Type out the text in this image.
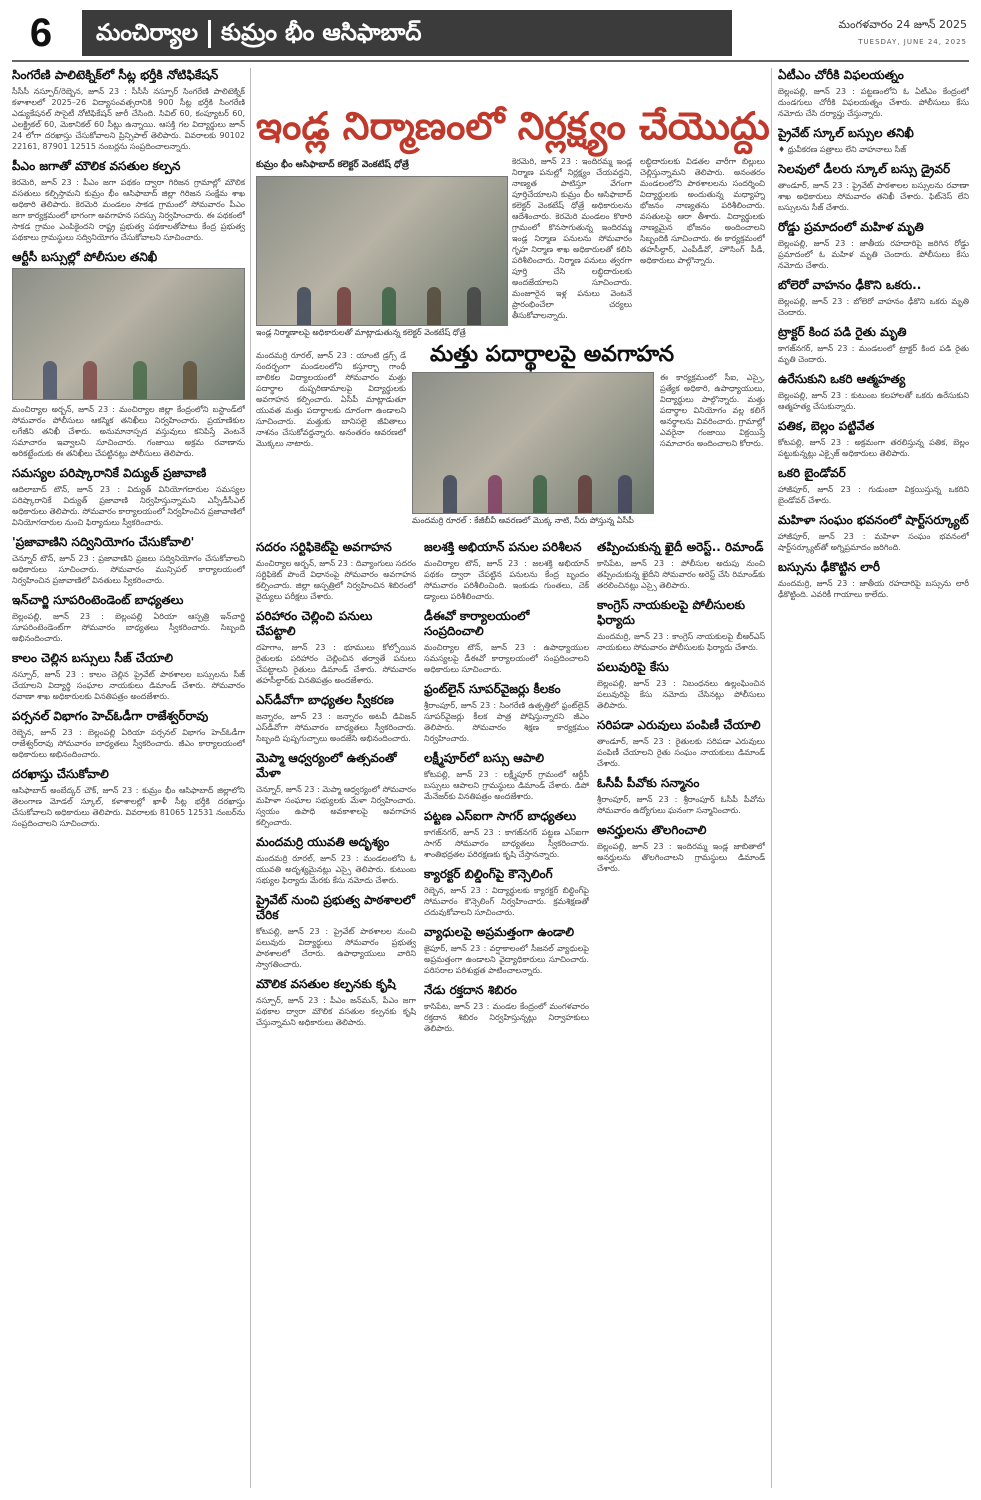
6	మంచిర్యాల కుమ్రం భీం ఆసిఫాబాద్	మంగళవారం 24 జూన్ 2025
TUESDAY, JUNE 24, 2025
సింగరేణి పాలిటెక్నిక్‌లో సీట్ల భర్తీకి నోటిఫికేషన్

సీసీసీ నస్పూర్/రెబ్బెన, జూన్ 23 : సీసీసీ నస్పూర్ సింగరేణి పాలిటెక్నిక్ కళాశాలలో 2025–26 విద్యాసంవత్సరానికి 900 సీట్ల భర్తీకి సింగరేణి ఎడ్యుకేషనల్ సొసైటీ నోటిఫికేషన్ జారీ చేసింది. సివిల్ 60, కంప్యూటర్ 60, ఎలక్ట్రికల్ 60, మెకానికల్ 60 సీట్లు ఉన్నాయి. ఆసక్తి గల విద్యార్థులు జూన్ 24 లోగా దరఖాస్తు చేసుకోవాలని ప్రిన్సిపాల్ తెలిపారు. వివరాలకు 90102 22161, 87901 12515 నంబర్లను సంప్రదించాలన్నారు.

పీఎం జగాతో మౌలిక వసతుల కల్పన

కెరమెరి, జూన్ 23 : పీఎం జగా పథకం ద్వారా గిరిజన గ్రామాల్లో మౌలిక వసతులు కల్పిస్తామని కుమ్రం భీం ఆసిఫాబాద్ జిల్లా గిరిజన సంక్షేమ శాఖ అధికారి తెలిపారు. కెరమెరి మండలం సాకడ గ్రామంలో సోమవారం పీఎం జగా కార్యక్రమంలో భాగంగా అవగాహన సదస్సు నిర్వహించారు. ఈ పథకంలో సాకడ గ్రామం ఎంపికైందని రాష్ట్ర ప్రభుత్వ పథకాలతోపాటు కేంద్ర ప్రభుత్వ పథకాలు గ్రామస్థులు సద్వినియోగం చేసుకోవాలని సూచించారు.

ఆర్టీసీ బస్సుల్లో పోలీసుల తనిఖీ

మంచిర్యాల అర్బన్, జూన్ 23 : మంచిర్యాల జిల్లా కేంద్రంలోని బస్టాండ్‌లో సోమవారం పోలీసులు ఆకస్మిక తనిఖీలు నిర్వహించారు. ప్రయాణికుల లగేజీని తనిఖీ చేశారు. అనుమానాస్పద వస్తువులు కనిపిస్తే వెంటనే సమాచారం ఇవ్వాలని సూచించారు. గంజాయి అక్రమ రవాణాను అరికట్టేందుకు ఈ తనిఖీలు చేపట్టినట్లు పోలీసులు తెలిపారు.

సమస్యల పరిష్కారానికే విద్యుత్ ప్రజావాణి

ఆదిలాబాద్ టౌన్, జూన్ 23 : విద్యుత్ వినియోగదారుల సమస్యల పరిష్కారానికే విద్యుత్ ప్రజావాణి నిర్వహిస్తున్నామని ఎన్పీడీసీఎల్ అధికారులు తెలిపారు. సోమవారం కార్యాలయంలో నిర్వహించిన ప్రజావాణిలో వినియోగదారుల నుంచి ఫిర్యాదులు స్వీకరించారు.

'ప్రజావాణిని సద్వినియోగం చేసుకోవాలి'

చెన్నూర్ టౌన్, జూన్ 23 : ప్రజావాణిని ప్రజలు సద్వినియోగం చేసుకోవాలని అధికారులు సూచించారు. సోమవారం మున్సిపల్ కార్యాలయంలో నిర్వహించిన ప్రజావాణిలో వినతులు స్వీకరించారు.

ఇన్‌చార్జి సూపరింటెండెంట్ బాధ్యతలు

బెల్లంపల్లి, జూన్ 23 : బెల్లంపల్లి ఏరియా ఆస్పత్రి ఇన్‌చార్జి సూపరింటెండెంట్‌గా సోమవారం బాధ్యతలు స్వీకరించారు. సిబ్బంది అభినందించారు.

కాలం చెల్లిన బస్సులు సీజ్ చేయాలి

నస్పూర్, జూన్ 23 : కాలం చెల్లిన ప్రైవేట్ పాఠశాలల బస్సులను సీజ్ చేయాలని విద్యార్థి సంఘాల నాయకులు డిమాండ్ చేశారు. సోమవారం రవాణా శాఖ అధికారులకు వినతిపత్రం అందజేశారు.

పర్సనల్ విభాగం హెచ్‌ఓడీగా రాజేశ్వర్‌రావు

రెబ్బెన, జూన్ 23 : బెల్లంపల్లి ఏరియా పర్సనల్ విభాగం హెచ్‌ఓడీగా రాజేశ్వర్‌రావు సోమవారం బాధ్యతలు స్వీకరించారు. జీఎం కార్యాలయంలో అధికారులు అభినందించారు.

దరఖాస్తు చేసుకోవాలి

ఆసిఫాబాద్ అంబేద్కర్ చౌక్, జూన్ 23 : కుమ్రం భీం ఆసిఫాబాద్ జిల్లాలోని తెలంగాణ మోడల్ స్కూల్, కళాశాలల్లో ఖాళీ సీట్ల భర్తీకి దరఖాస్తు చేసుకోవాలని అధికారులు తెలిపారు. వివరాలకు 81065 12531 నంబర్‌ను సంప్రదించాలని సూచించారు.

ఇండ్ల నిర్మాణంలో నిర్లక్ష్యం చేయొద్దు
కుమ్రం భీం ఆసిఫాబాద్ కలెక్టర్ వెంకటేష్ ధోత్రే
ఇండ్ల నిర్మాణాలపై అధికారులతో మాట్లాడుతున్న కలెక్టర్ వెంకటేష్ ధోత్రే

కెరమెరి, జూన్ 23 : ఇందిరమ్మ ఇండ్ల నిర్మాణ పనుల్లో నిర్లక్ష్యం చేయవద్దని, నాణ్యత పాటిస్తూ వేగంగా పూర్తిచేయాలని కుమ్రం భీం ఆసిఫాబాద్ కలెక్టర్ వెంకటేష్ ధోత్రే అధికారులను ఆదేశించారు. కెరమెరి మండలం కొఠారి గ్రామంలో కొనసాగుతున్న ఇందిరమ్మ ఇండ్ల నిర్మాణ పనులను సోమవారం గృహ నిర్మాణ శాఖ అధికారులతో కలిసి పరిశీలించారు. నిర్మాణ పనులు త్వరగా పూర్తి చేసి లబ్ధిదారులకు అందజేయాలని సూచించారు. మంజూరైన ఇళ్ల పనులు వెంటనే ప్రారంభించేలా చర్యలు తీసుకోవాలన్నారు.

లబ్ధిదారులకు విడతల వారీగా బిల్లులు చెల్లిస్తున్నామని తెలిపారు. అనంతరం మండలంలోని పాఠశాలలను సందర్శించి విద్యార్థులకు అందుతున్న మధ్యాహ్న భోజనం నాణ్యతను పరిశీలించారు. వసతులపై ఆరా తీశారు. విద్యార్థులకు నాణ్యమైన భోజనం అందించాలని సిబ్బందికి సూచించారు. ఈ కార్యక్రమంలో తహసీల్దార్, ఎంపీడీవో, హౌసింగ్ పీడీ, అధికారులు పాల్గొన్నారు.

మత్తు పదార్థాలపై అవగాహన

మందమర్రి రూరల్, జూన్ 23 : యాంటి డ్రగ్స్ డే సందర్భంగా మండలంలోని కస్తూర్బా గాంధీ బాలికల విద్యాలయంలో సోమవారం మత్తు పదార్థాల దుష్పరిణామాలపై విద్యార్థులకు అవగాహన కల్పించారు. ఏసీపీ మాట్లాడుతూ యువత మత్తు పదార్థాలకు దూరంగా ఉండాలని సూచించారు. మత్తుకు బానిసలై జీవితాలు నాశనం చేసుకోవద్దన్నారు. అనంతరం ఆవరణలో మొక్కలు నాటారు.

మందమర్రి రూరల్ : కేజీబీవీ ఆవరణలో మొక్క నాటి, నీరు పోస్తున్న ఏసీపీ

ఈ కార్యక్రమంలో సీఐ, ఎస్సై, ప్రత్యేక అధికారి, ఉపాధ్యాయులు, విద్యార్థులు పాల్గొన్నారు. మత్తు పదార్థాల వినియోగం వల్ల కలిగే అనర్థాలను వివరించారు. గ్రామాల్లో ఎవరైనా గంజాయి విక్రయిస్తే సమాచారం అందించాలని కోరారు.

సదరం సర్టిఫికెట్‌పై అవగాహన

మంచిర్యాల అర్బన్, జూన్ 23 : దివ్యాంగులు సదరం సర్టిఫికెట్ పొందే విధానంపై సోమవారం అవగాహన కల్పించారు. జిల్లా ఆస్పత్రిలో నిర్వహించిన శిబిరంలో వైద్యులు పరీక్షలు చేశారు.

పరిహారం చెల్లించి పనులు చేపట్టాలి

దహెగాం, జూన్ 23 : భూములు కోల్పోయిన రైతులకు పరిహారం చెల్లించిన తర్వాతే పనులు చేపట్టాలని రైతులు డిమాండ్ చేశారు. సోమవారం తహసీల్దార్‌కు వినతిపత్రం అందజేశారు.

ఎస్‌డీవోగా బాధ్యతల స్వీకరణ

జన్నారం, జూన్ 23 : జన్నారం అటవీ డివిజన్ ఎస్‌డీవోగా సోమవారం బాధ్యతలు స్వీకరించారు. సిబ్బంది పుష్పగుచ్ఛాలు అందజేసి అభినందించారు.

మెప్మా ఆధ్వర్యంలో ఉత్సవంతో మేళా

చెన్నూర్, జూన్ 23 : మెప్మా ఆధ్వర్యంలో సోమవారం మహిళా సంఘాల సభ్యులకు మేళా నిర్వహించారు. స్వయం ఉపాధి అవకాశాలపై అవగాహన కల్పించారు.

మందమర్రి యువతి అదృశ్యం

మందమర్రి రూరల్, జూన్ 23 : మండలంలోని ఓ యువతి అదృశ్యమైనట్లు ఎస్సై తెలిపారు. కుటుంబ సభ్యుల ఫిర్యాదు మేరకు కేసు నమోదు చేశారు.

ప్రైవేట్ నుంచి ప్రభుత్వ పాఠశాలలో చేరిక

కోటపల్లి, జూన్ 23 : ప్రైవేట్ పాఠశాలల నుంచి పలువురు విద్యార్థులు సోమవారం ప్రభుత్వ పాఠశాలలో చేరారు. ఉపాధ్యాయులు వారిని స్వాగతించారు.

మౌలిక వసతుల కల్పనకు కృషి

నస్పూర్, జూన్ 23 : పీఎం జన్‌మన్, పీఎం జగా పథకాల ద్వారా మౌలిక వసతుల కల్పనకు కృషి చేస్తున్నామని అధికారులు తెలిపారు.

జలశక్తి అభియాన్ పనుల పరిశీలన

మంచిర్యాల టౌన్, జూన్ 23 : జలశక్తి అభియాన్ పథకం ద్వారా చేపట్టిన పనులను కేంద్ర బృందం సోమవారం పరిశీలించింది. ఇంకుడు గుంతలు, చెక్ డ్యాంలు పరిశీలించారు.

డీఈవో కార్యాలయంలో సంప్రదించాలి

మంచిర్యాల టౌన్, జూన్ 23 : ఉపాధ్యాయుల సమస్యలపై డీఈవో కార్యాలయంలో సంప్రదించాలని అధికారులు సూచించారు.

ఫ్రంట్‌లైన్ సూపర్‌వైజర్లు కీలకం

శ్రీరాంపూర్, జూన్ 23 : సింగరేణి ఉత్పత్తిలో ఫ్రంట్‌లైన్ సూపర్‌వైజర్లు కీలక పాత్ర పోషిస్తున్నారని జీఎం తెలిపారు. సోమవారం శిక్షణ కార్యక్రమం నిర్వహించారు.

లక్ష్మీపూర్‌లో బస్సు ఆపాలి

కోటపల్లి, జూన్ 23 : లక్ష్మీపూర్ గ్రామంలో ఆర్టీసీ బస్సులు ఆపాలని గ్రామస్థులు డిమాండ్ చేశారు. డిపో మేనేజర్‌కు వినతిపత్రం అందజేశారు.

పట్టణ ఎస్ఐగా సాగర్ బాధ్యతలు

కాగజ్‌నగర్, జూన్ 23 : కాగజ్‌నగర్ పట్టణ ఎస్ఐగా సాగర్ సోమవారం బాధ్యతలు స్వీకరించారు. శాంతిభద్రతల పరిరక్షణకు కృషి చేస్తానన్నారు.

క్యారక్టర్ బిల్డింగ్‌పై కౌన్సెలింగ్

రెబ్బెన, జూన్ 23 : విద్యార్థులకు క్యారక్టర్ బిల్డింగ్‌పై సోమవారం కౌన్సెలింగ్ నిర్వహించారు. క్రమశిక్షణతో చదువుకోవాలని సూచించారు.

వ్యాధులపై అప్రమత్తంగా ఉండాలి

జైపూర్, జూన్ 23 : వర్షాకాలంలో సీజనల్ వ్యాధులపై అప్రమత్తంగా ఉండాలని వైద్యాధికారులు సూచించారు. పరిసరాల పరిశుభ్రత పాటించాలన్నారు.

నేడు రక్తదాన శిబిరం

కాసిపేట, జూన్ 23 : మండల కేంద్రంలో మంగళవారం రక్తదాన శిబిరం నిర్వహిస్తున్నట్లు నిర్వాహకులు తెలిపారు.

తప్పించుకున్న ఖైదీ అరెస్ట్.. రిమాండ్

కాసిపేట, జూన్ 23 : పోలీసుల అదుపు నుంచి తప్పించుకున్న ఖైదీని సోమవారం అరెస్ట్ చేసి రిమాండ్‌కు తరలించినట్లు ఎస్సై తెలిపారు.

కాంగ్రెస్ నాయకులపై పోలీసులకు ఫిర్యాదు

మందమర్రి, జూన్ 23 : కాంగ్రెస్ నాయకులపై బీఆర్ఎస్ నాయకులు సోమవారం పోలీసులకు ఫిర్యాదు చేశారు.

పలువురిపై కేసు

బెల్లంపల్లి, జూన్ 23 : నిబంధనలు ఉల్లంఘించిన పలువురిపై కేసు నమోదు చేసినట్లు పోలీసులు తెలిపారు.

సరిపడా ఎరువులు పంపిణీ చేయాలి

తాండూర్, జూన్ 23 : రైతులకు సరిపడా ఎరువులు పంపిణీ చేయాలని రైతు సంఘం నాయకులు డిమాండ్ చేశారు.

ఓసీపీ పీవోకు సన్మానం

శ్రీరాంపూర్, జూన్ 23 : శ్రీరాంపూర్ ఓసీపీ పీవోను సోమవారం ఉద్యోగులు ఘనంగా సన్మానించారు.

అనర్హులను తొలగించాలి

బెల్లంపల్లి, జూన్ 23 : ఇందిరమ్మ ఇండ్ల జాబితాలో అనర్హులను తొలగించాలని గ్రామస్థులు డిమాండ్ చేశారు.

ఏటీఎం చోరీకి విఫలయత్నం

బెల్లంపల్లి, జూన్ 23 : పట్టణంలోని ఓ ఏటీఎం కేంద్రంలో దుండగులు చోరీకి విఫలయత్నం చేశారు. పోలీసులు కేసు నమోదు చేసి దర్యాప్తు చేస్తున్నారు.

ప్రైవేట్ స్కూల్ బస్సుల తనిఖీ

♦ ధ్రువీకరణ పత్రాలు లేని వాహనాలు సీజ్

సెలవులో డీలరు స్కూల్ బస్సు డ్రైవర్

తాండూర్, జూన్ 23 : ప్రైవేట్ పాఠశాలల బస్సులను రవాణా శాఖ అధికారులు సోమవారం తనిఖీ చేశారు. ఫిట్‌నెస్ లేని బస్సులను సీజ్ చేశారు.

రోడ్డు ప్రమాదంలో మహిళ మృతి

బెల్లంపల్లి, జూన్ 23 : జాతీయ రహదారిపై జరిగిన రోడ్డు ప్రమాదంలో ఓ మహిళ మృతి చెందారు. పోలీసులు కేసు నమోదు చేశారు.

బోలెరో వాహనం ఢీకొని ఒకరు..

బెల్లంపల్లి, జూన్ 23 : బోలెరో వాహనం ఢీకొని ఒకరు మృతి చెందారు.

ట్రాక్టర్ కింద పడి రైతు మృతి

కాగజ్‌నగర్, జూన్ 23 : మండలంలో ట్రాక్టర్ కింద పడి రైతు మృతి చెందారు.

ఉరేసుకుని ఒకరి ఆత్మహత్య

బెల్లంపల్లి, జూన్ 23 : కుటుంబ కలహాలతో ఒకరు ఉరేసుకుని ఆత్మహత్య చేసుకున్నారు.

పతిక, బెల్లం పట్టివేత

కోటపల్లి, జూన్ 23 : అక్రమంగా తరలిస్తున్న పతిక, బెల్లం పట్టుకున్నట్లు ఎక్సైజ్ అధికారులు తెలిపారు.

ఒకరి బైండోవర్

హాజీపూర్, జూన్ 23 : గుడుంబా విక్రయిస్తున్న ఒకరిని బైండోవర్ చేశారు.

మహిళా సంఘం భవనంలో షార్ట్‌సర్క్యూట్

హాజీపూర్, జూన్ 23 : మహిళా సంఘం భవనంలో షార్ట్‌సర్క్యూట్‌తో అగ్నిప్రమాదం జరిగింది.

బస్సును ఢీకొట్టిన లారీ

మందమర్రి, జూన్ 23 : జాతీయ రహదారిపై బస్సును లారీ ఢీకొట్టింది. ఎవరికీ గాయాలు కాలేదు.
